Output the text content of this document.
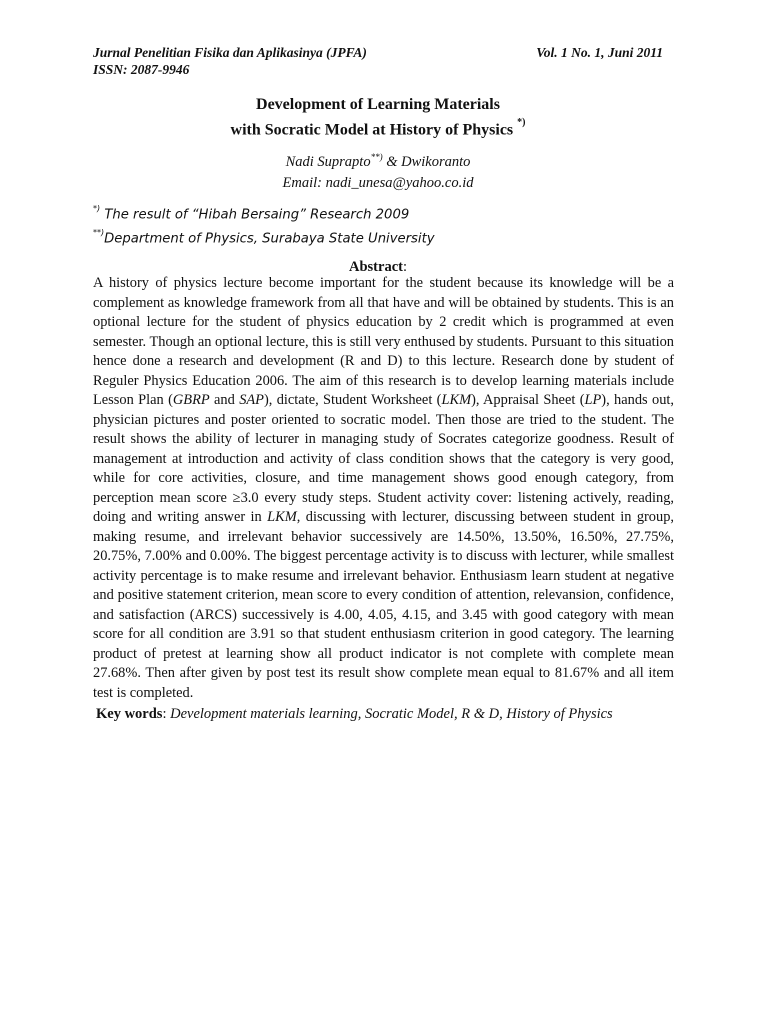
Jurnal Penelitian Fisika dan Aplikasinya (JPFA)	Vol. 1 No. 1, Juni 2011
ISSN: 2087-9946
Development of Learning Materials
with Socratic Model at History of Physics *)
Nadi Suprapto**) & Dwikoranto
Email: nadi_unesa@yahoo.co.id
*) The result of “Hibah Bersaing” Research 2009
**)Department of Physics, Surabaya State University
Abstract:
A history of physics lecture become important for the student because its knowledge will be a complement as knowledge framework from all that have and will be obtained by students. This is an optional lecture for the student of physics education by 2 credit which is programmed at even semester. Though an optional lecture, this is still very enthused by students. Pursuant to this situation hence done a research and development (R and D) to this lecture. Research done by student of Reguler Physics Education 2006. The aim of this research is to develop learning materials include Lesson Plan (GBRP and SAP), dictate, Student Worksheet (LKM), Appraisal Sheet (LP), hands out, physician pictures and poster oriented to socratic model. Then those are tried to the student. The result shows the ability of lecturer in managing study of Socrates categorize goodness. Result of management at introduction and activity of class condition shows that the category is very good, while for core activities, closure, and time management shows good enough category, from perception mean score ≥3.0 every study steps. Student activity cover: listening actively, reading, doing and writing answer in LKM, discussing with lecturer, discussing between student in group, making resume, and irrelevant behavior successively are 14.50%, 13.50%, 16.50%, 27.75%, 20.75%, 7.00% and 0.00%. The biggest percentage activity is to discuss with lecturer, while smallest activity percentage is to make resume and irrelevant behavior. Enthusiasm learn student at negative and positive statement criterion, mean score to every condition of attention, relevansion, confidence, and satisfaction (ARCS) successively is 4.00, 4.05, 4.15, and 3.45 with good category with mean score for all condition are 3.91 so that student enthusiasm criterion in good category. The learning product of pretest at learning show all product indicator is not complete with complete mean 27.68%. Then after given by post test its result show complete mean equal to 81.67% and all item test is completed.
Key words: Development materials learning, Socratic Model, R & D, History of Physics
